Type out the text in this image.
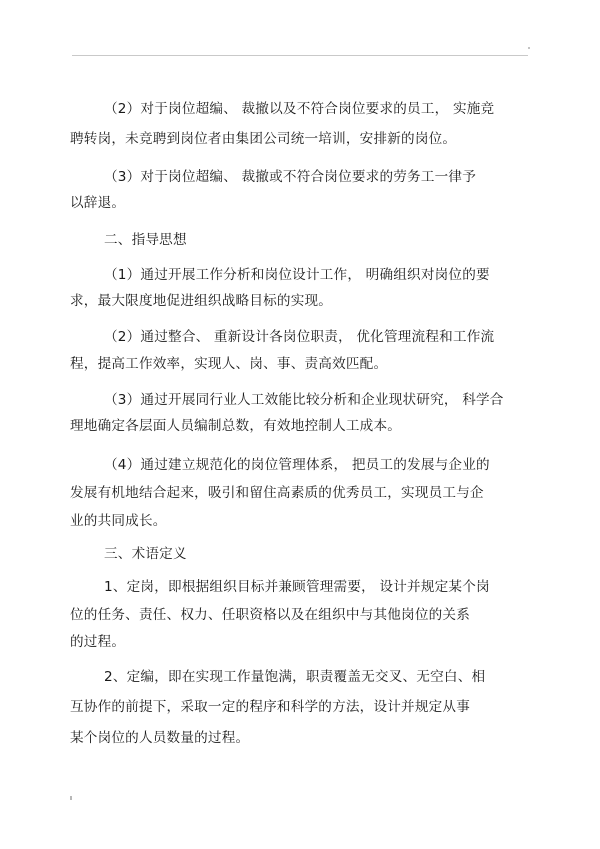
（2）对于岗位超编、 裁撤以及不符合岗位要求的员工， 实施竞
聘转岗，未竞聘到岗位者由集团公司统一培训，安排新的岗位。
（3）对于岗位超编、 裁撤或不符合岗位要求的劳务工一律予
以辞退。
二、指导思想
（1）通过开展工作分析和岗位设计工作， 明确组织对岗位的要
求，最大限度地促进组织战略目标的实现。
（2）通过整合、 重新设计各岗位职责， 优化管理流程和工作流
程，提高工作效率，实现人、岗、事、责高效匹配。
（3）通过开展同行业人工效能比较分析和企业现状研究， 科学合
理地确定各层面人员编制总数，有效地控制人工成本。
（4）通过建立规范化的岗位管理体系， 把员工的发展与企业的
发展有机地结合起来，吸引和留住高素质的优秀员工，实现员工与企
业的共同成长。
三、术语定义
1、定岗，即根据组织目标并兼顾管理需要， 设计并规定某个岗
位的任务、责任、权力、任职资格以及在组织中与其他岗位的关系
的过程。
2、定编，即在实现工作量饱满，职责覆盖无交叉、无空白、相
互协作的前提下，采取一定的程序和科学的方法，设计并规定从事
某个岗位的人员数量的过程。
